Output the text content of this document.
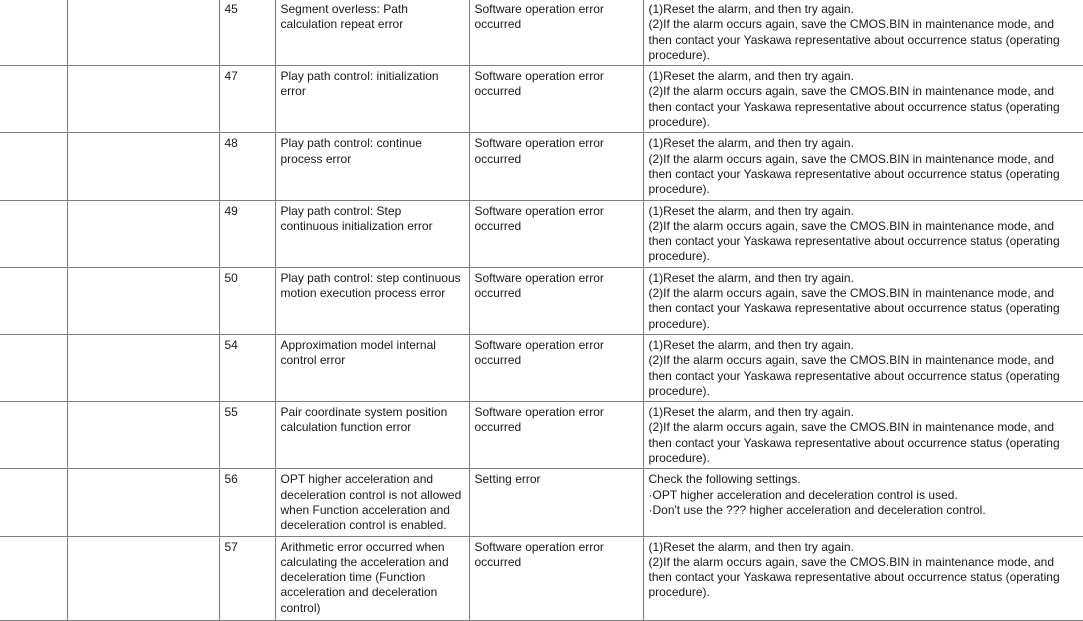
		45	Segment overless: Path calculation repeat error	Software operation error occurred	(1)Reset the alarm, and then try again.
(2)If the alarm occurs again, save the CMOS.BIN in maintenance mode, and then contact your Yaskawa representative about occurrence status (operating procedure).
		47	Play path control: initialization error	Software operation error occurred	(1)Reset the alarm, and then try again.
(2)If the alarm occurs again, save the CMOS.BIN in maintenance mode, and then contact your Yaskawa representative about occurrence status (operating procedure).
		48	Play path control: continue process error	Software operation error occurred	(1)Reset the alarm, and then try again.
(2)If the alarm occurs again, save the CMOS.BIN in maintenance mode, and then contact your Yaskawa representative about occurrence status (operating procedure).
		49	Play path control: Step continuous initialization error	Software operation error occurred	(1)Reset the alarm, and then try again.
(2)If the alarm occurs again, save the CMOS.BIN in maintenance mode, and then contact your Yaskawa representative about occurrence status (operating procedure).
		50	Play path control: step continuous motion execution process error	Software operation error occurred	(1)Reset the alarm, and then try again.
(2)If the alarm occurs again, save the CMOS.BIN in maintenance mode, and then contact your Yaskawa representative about occurrence status (operating procedure).
		54	Approximation model internal control error	Software operation error occurred	(1)Reset the alarm, and then try again.
(2)If the alarm occurs again, save the CMOS.BIN in maintenance mode, and then contact your Yaskawa representative about occurrence status (operating procedure).
		55	Pair coordinate system position calculation function error	Software operation error occurred	(1)Reset the alarm, and then try again.
(2)If the alarm occurs again, save the CMOS.BIN in maintenance mode, and then contact your Yaskawa representative about occurrence status (operating procedure).
		56	OPT higher acceleration and deceleration control is not allowed when Function acceleration and deceleration control is enabled.	Setting error	Check the following settings.
·OPT higher acceleration and deceleration control is used.
·Don't use the ??? higher acceleration and deceleration control.
		57	Arithmetic error occurred when calculating the acceleration and deceleration time (Function acceleration and deceleration control)	Software operation error occurred	(1)Reset the alarm, and then try again.
(2)If the alarm occurs again, save the CMOS.BIN in maintenance mode, and then contact your Yaskawa representative about occurrence status (operating procedure).
